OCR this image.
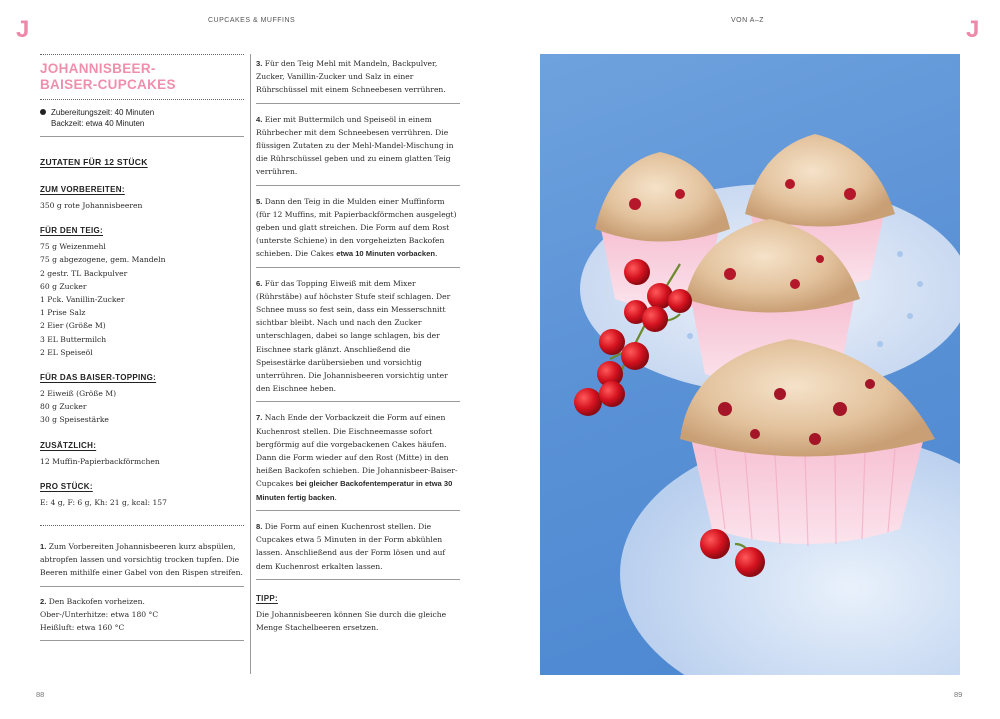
J	J
CUPCAKES & MUFFINS	VON A–Z
88	89
JOHANNISBEER-
BAISER-CUPCAKES
Zubereitungszeit: 40 Minuten
Backzeit: etwa 40 Minuten
ZUTATEN FÜR 12 STÜCK
ZUM VORBEREITEN:
350 g rote Johannisbeeren
FÜR DEN TEIG:
75 g Weizenmehl
75 g abgezogene, gem. Mandeln
2 gestr. TL Backpulver
60 g Zucker
1 Pck. Vanillin-Zucker
1 Prise Salz
2 Eier (Größe M)
3 EL Buttermilch
2 EL Speiseöl
FÜR DAS BAISER-TOPPING:
2 Eiweiß (Größe M)
80 g Zucker
30 g Speisestärke
ZUSÄTZLICH:
12 Muffin-Papierbackförmchen
PRO STÜCK:
E: 4 g, F: 6 g, Kh: 21 g, kcal: 157
1. Zum Vorbereiten Johannisbeeren kurz abspülen, abtropfen lassen und vorsichtig trocken tupfen. Die Beeren mithilfe einer Gabel von den Rispen streifen.
2. Den Backofen vorheizen.
Ober-/Unterhitze: etwa 180 °C
Heißluft: etwa 160 °C
3. Für den Teig Mehl mit Mandeln, Backpulver, Zucker, Vanillin-Zucker und Salz in einer Rührschüssel mit einem Schneebesen verrühren.
4. Eier mit Buttermilch und Speiseöl in einem Rührbecher mit dem Schneebesen verrühren. Die flüssigen Zutaten zu der Mehl-Mandel-Mischung in die Rührschüssel geben und zu einem glatten Teig verrühren.
5. Dann den Teig in die Mulden einer Muffinform (für 12 Muffins, mit Papierbackförmchen ausgelegt) geben und glatt streichen. Die Form auf dem Rost (unterste Schiene) in den vorgeheizten Backofen schieben. Die Cakes etwa 10 Minuten vorbacken.
6. Für das Topping Eiweiß mit dem Mixer (Rührstäbe) auf höchster Stufe steif schlagen. Der Schnee muss so fest sein, dass ein Messerschnitt sichtbar bleibt. Nach und nach den Zucker unterschlagen, dabei so lange schlagen, bis der Eischnee stark glänzt. Anschließend die Speisestärke darübersieben und vorsichtig unterrühren. Die Johannisbeeren vorsichtig unter den Eischnee heben.
7. Nach Ende der Vorbackzeit die Form auf einen Kuchenrost stellen. Die Eischneemasse sofort bergförmig auf die vorgebackenen Cakes häufen. Dann die Form wieder auf den Rost (Mitte) in den heißen Backofen schieben. Die Johannisbeer-Baiser-Cupcakes bei gleicher Backofentemperatur in etwa 30 Minuten fertig backen.
8. Die Form auf einen Kuchenrost stellen. Die Cupcakes etwa 5 Minuten in der Form abkühlen lassen. Anschließend aus der Form lösen und auf dem Kuchenrost erkalten lassen.
TIPP:
Die Johannisbeeren können Sie durch die gleiche Menge Stachelbeeren ersetzen.
